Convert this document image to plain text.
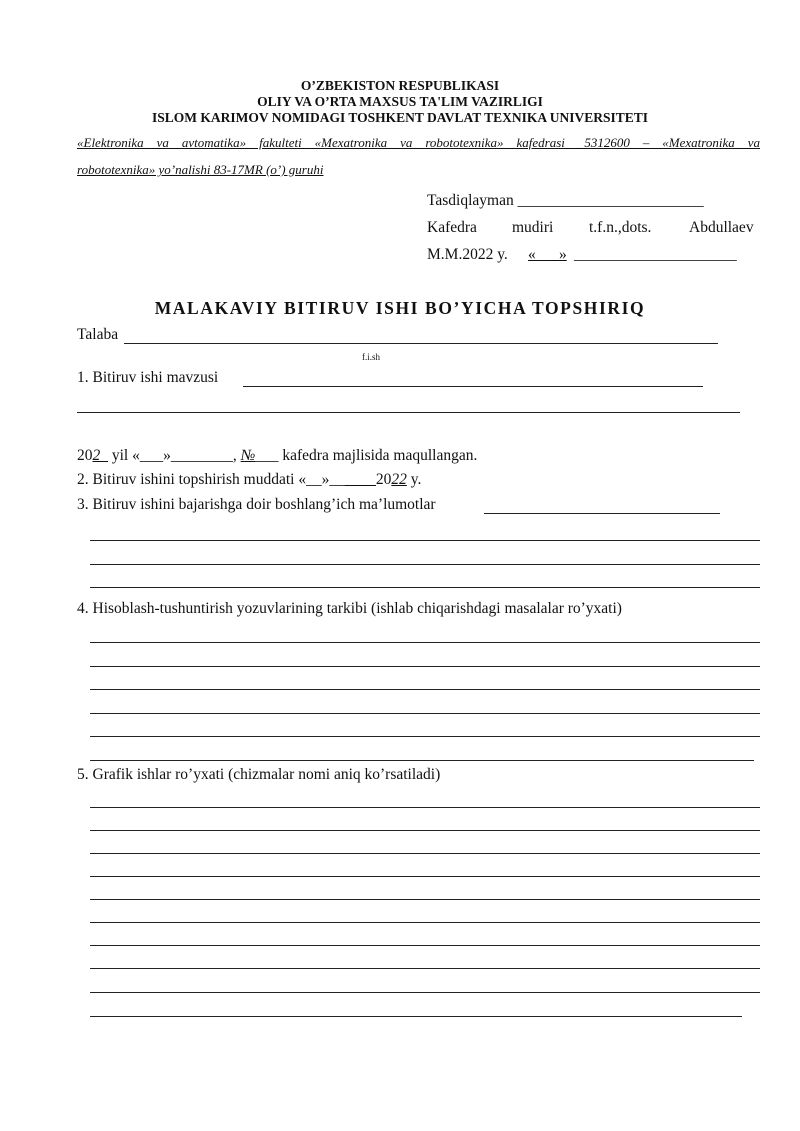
O’ZBEKISTON RESPUBLIKASI
OLIY VA O’RTA MAXSUS TA'LIM VAZIRLIGI
ISLOM KARIMOV NOMIDAGI TOSHKENT DAVLAT TEXNIKA UNIVERSITETI
«Elektronika va avtomatika» fakulteti «Mexatronika va robototexnika» kafedrasi _5312600 – «Mexatronika va
robototexnika» yo’nalishi 83-17MR (o’) guruhi
Tasdiqlayman ________________________
Kafedra mudiri t.f.n.,dots. Abdullaev
M.M.2022 y. «___» _____________________
MALAKAVIY BITIRUV ISHI BO’YICHA TOPSHIRIQ
Talaba
f.i.sh
1. Bitiruv ishi mavzusi
202_ yil «___»________, №___ kafedra majlisida maqullangan.
2. Bitiruv ishini topshirish muddati «__»______2022 y.
3. Bitiruv ishini bajarishga doir boshlang’ich ma’lumotlar
4. Hisoblash-tushuntirish yozuvlarining tarkibi (ishlab chiqarishdagi masalalar ro’yxati)
5. Grafik ishlar ro’yxati (chizmalar nomi aniq ko’rsatiladi)
